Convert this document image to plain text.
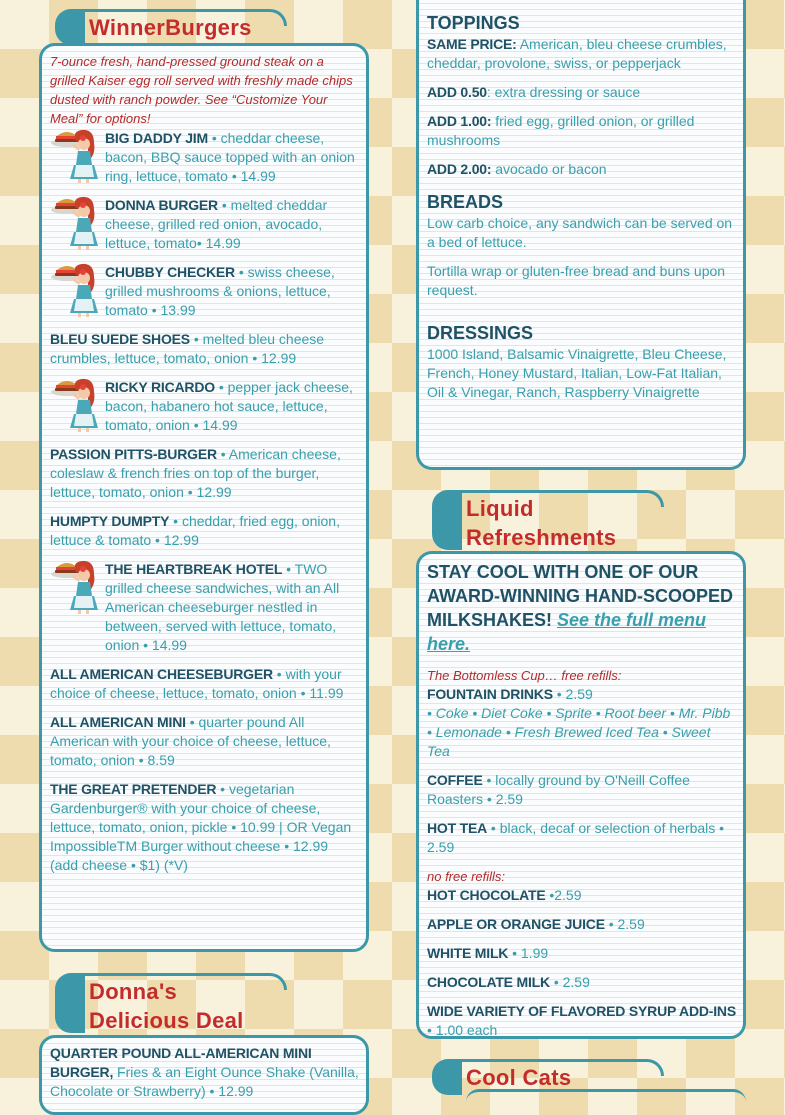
WinnerBurgers
7-ounce fresh, hand-pressed ground steak on a grilled Kaiser egg roll served with freshly made chips dusted with ranch powder. See “Customize Your Meal” for options!
BIG DADDY JIM • cheddar cheese, bacon, BBQ sauce topped with an onion ring, lettuce, tomato • 14.99
DONNA BURGER • melted cheddar cheese, grilled red onion, avocado, lettuce, tomato• 14.99
CHUBBY CHECKER • swiss cheese, grilled mushrooms & onions, lettuce, tomato • 13.99
BLEU SUEDE SHOES • melted bleu cheese crumbles, lettuce, tomato, onion • 12.99
RICKY RICARDO • pepper jack cheese, bacon, habanero hot sauce, lettuce, tomato, onion • 14.99
PASSION PITTS-BURGER • American cheese, coleslaw & french fries on top of the burger, lettuce, tomato, onion • 12.99
HUMPTY DUMPTY • cheddar, fried egg, onion, lettuce & tomato • 12.99
THE HEARTBREAK HOTEL • TWO grilled cheese sandwiches, with an All American cheeseburger nestled in between, served with lettuce, tomato, onion • 14.99
ALL AMERICAN CHEESEBURGER • with your choice of cheese, lettuce, tomato, onion • 11.99
ALL AMERICAN MINI • quarter pound All American with your choice of cheese, lettuce, tomato, onion • 8.59
THE GREAT PRETENDER • vegetarian Gardenburger® with your choice of cheese, lettuce, tomato, onion, pickle • 10.99 | OR Vegan ImpossibleTM Burger without cheese • 12.99 (add cheese • $1) (*V)
Donna's
Delicious Deal
QUARTER POUND ALL-AMERICAN MINI BURGER, Fries & an Eight Ounce Shake (Vanilla, Chocolate or Strawberry) • 12.99
TOPPINGS
SAME PRICE: American, bleu cheese crumbles, cheddar, provolone, swiss, or pepperjack
ADD 0.50: extra dressing or sauce
ADD 1.00: fried egg, grilled onion, or grilled mushrooms
ADD 2.00: avocado or bacon
BREADS
Low carb choice, any sandwich can be served on a bed of lettuce.
Tortilla wrap or gluten-free bread and buns upon request.
DRESSINGS
1000 Island, Balsamic Vinaigrette, Bleu Cheese, French, Honey Mustard, Italian, Low-Fat Italian, Oil & Vinegar, Ranch, Raspberry Vinaigrette
Liquid
Refreshments
STAY COOL WITH ONE OF OUR AWARD-WINNING HAND-SCOOPED MILKSHAKES! See the full menu here.
The Bottomless Cup… free refills:
FOUNTAIN DRINKS • 2.59
• Coke • Diet Coke • Sprite • Root beer • Mr. Pibb • Lemonade • Fresh Brewed Iced Tea • Sweet Tea
COFFEE • locally ground by O'Neill Coffee Roasters • 2.59
HOT TEA • black, decaf or selection of herbals • 2.59
no free refills:
HOT CHOCOLATE •2.59
APPLE OR ORANGE JUICE • 2.59
WHITE MILK • 1.99
CHOCOLATE MILK • 2.59
WIDE VARIETY OF FLAVORED SYRUP ADD-INS • 1.00 each
Cool Cats
